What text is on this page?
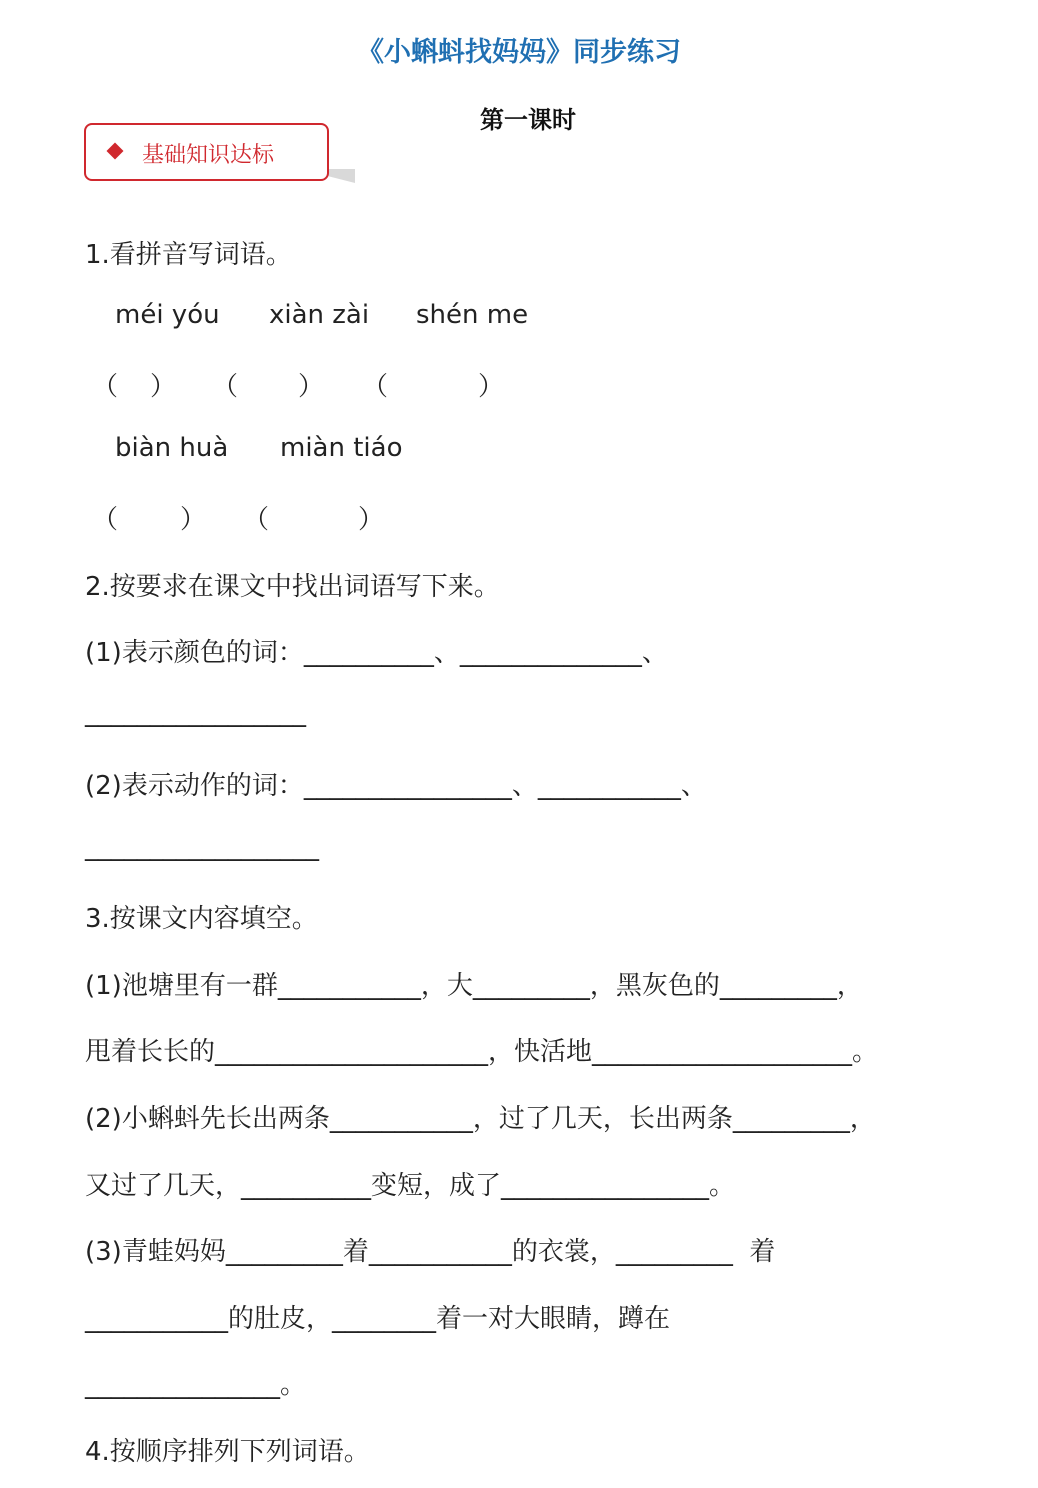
《小蝌蚪找妈妈》同步练习
第一课时

基础知识达标

1.看拼音写词语。
méi yóu xiàn zài shén me
（ ） （ ） （	）
biàn huà miàn tiáo
（ ） （	）
2.按要求在课文中找出词语写下来。
(1)表示颜色的词：__________、______________、
_________________
(2)表示动作的词：________________、___________、
__________________
3.按课文内容填空。
(1)池塘里有一群___________，大_________，黑灰色的_________，
甩着长长的_____________________，快活地____________________。
(2)小蝌蚪先长出两条___________，过了几天，长出两条_________，
又过了几天，__________变短，成了________________。
(3)青蛙妈妈_________着___________的衣裳，_________  着
___________的肚皮，________着一对大眼睛，蹲在
_______________。
4.按顺序排列下列词语。
